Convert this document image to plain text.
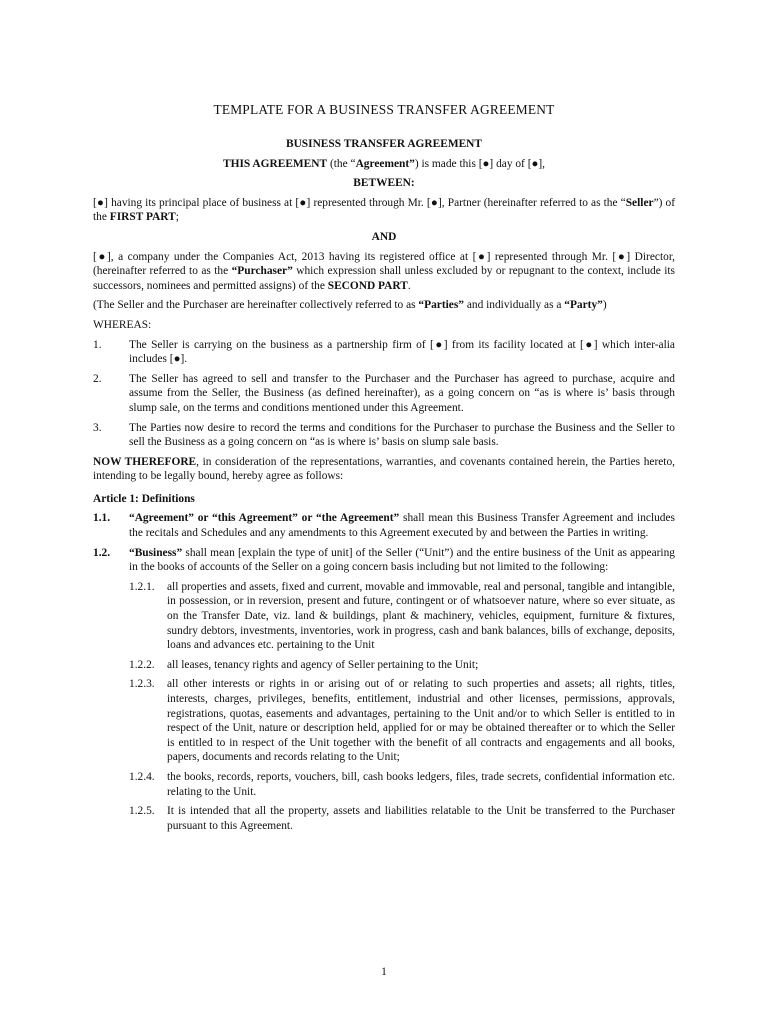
TEMPLATE FOR A BUSINESS TRANSFER AGREEMENT
BUSINESS TRANSFER AGREEMENT
THIS AGREEMENT (the “Agreement”) is made this [●] day of [●],
BETWEEN:
[●] having its principal place of business at [●] represented through Mr. [●], Partner (hereinafter referred to as the “Seller”) of the FIRST PART;
AND
[●], a company under the Companies Act, 2013 having its registered office at [●] represented through Mr. [●] Director, (hereinafter referred to as the “Purchaser” which expression shall unless excluded by or repugnant to the context, include its successors, nominees and permitted assigns) of the SECOND PART.
(The Seller and the Purchaser are hereinafter collectively referred to as “Parties” and individually as a “Party”)
WHEREAS:
1.	The Seller is carrying on the business as a partnership firm of [●] from its facility located at [●] which inter-alia includes [●].
2.	The Seller has agreed to sell and transfer to the Purchaser and the Purchaser has agreed to purchase, acquire and assume from the Seller, the Business (as defined hereinafter), as a going concern on “as is where is’ basis through slump sale, on the terms and conditions mentioned under this Agreement.
3.	The Parties now desire to record the terms and conditions for the Purchaser to purchase the Business and the Seller to sell the Business as a going concern on “as is where is’ basis on slump sale basis.
NOW THEREFORE, in consideration of the representations, warranties, and covenants contained herein, the Parties hereto, intending to be legally bound, hereby agree as follows:
Article 1: Definitions
1.1.	“Agreement” or “this Agreement” or “the Agreement” shall mean this Business Transfer Agreement and includes the recitals and Schedules and any amendments to this Agreement executed by and between the Parties in writing.
1.2.	“Business” shall mean [explain the type of unit] of the Seller (“Unit”) and the entire business of the Unit as appearing in the books of accounts of the Seller on a going concern basis including but not limited to the following:
1.2.1.	all properties and assets, fixed and current, movable and immovable, real and personal, tangible and intangible, in possession, or in reversion, present and future, contingent or of whatsoever nature, where so ever situate, as on the Transfer Date, viz. land & buildings, plant & machinery, vehicles, equipment, furniture & fixtures, sundry debtors, investments, inventories, work in progress, cash and bank balances, bills of exchange, deposits, loans and advances etc. pertaining to the Unit
1.2.2.	all leases, tenancy rights and agency of Seller pertaining to the Unit;
1.2.3.	all other interests or rights in or arising out of or relating to such properties and assets; all rights, titles, interests, charges, privileges, benefits, entitlement, industrial and other licenses, permissions, approvals, registrations, quotas, easements and advantages, pertaining to the Unit and/or to which Seller is entitled to in respect of the Unit, nature or description held, applied for or may be obtained thereafter or to which the Seller is entitled to in respect of the Unit together with the benefit of all contracts and engagements and all books, papers, documents and records relating to the Unit;
1.2.4.	the books, records, reports, vouchers, bill, cash books ledgers, files, trade secrets, confidential information etc. relating to the Unit.
1.2.5.	It is intended that all the property, assets and liabilities relatable to the Unit be transferred to the Purchaser pursuant to this Agreement.
1
